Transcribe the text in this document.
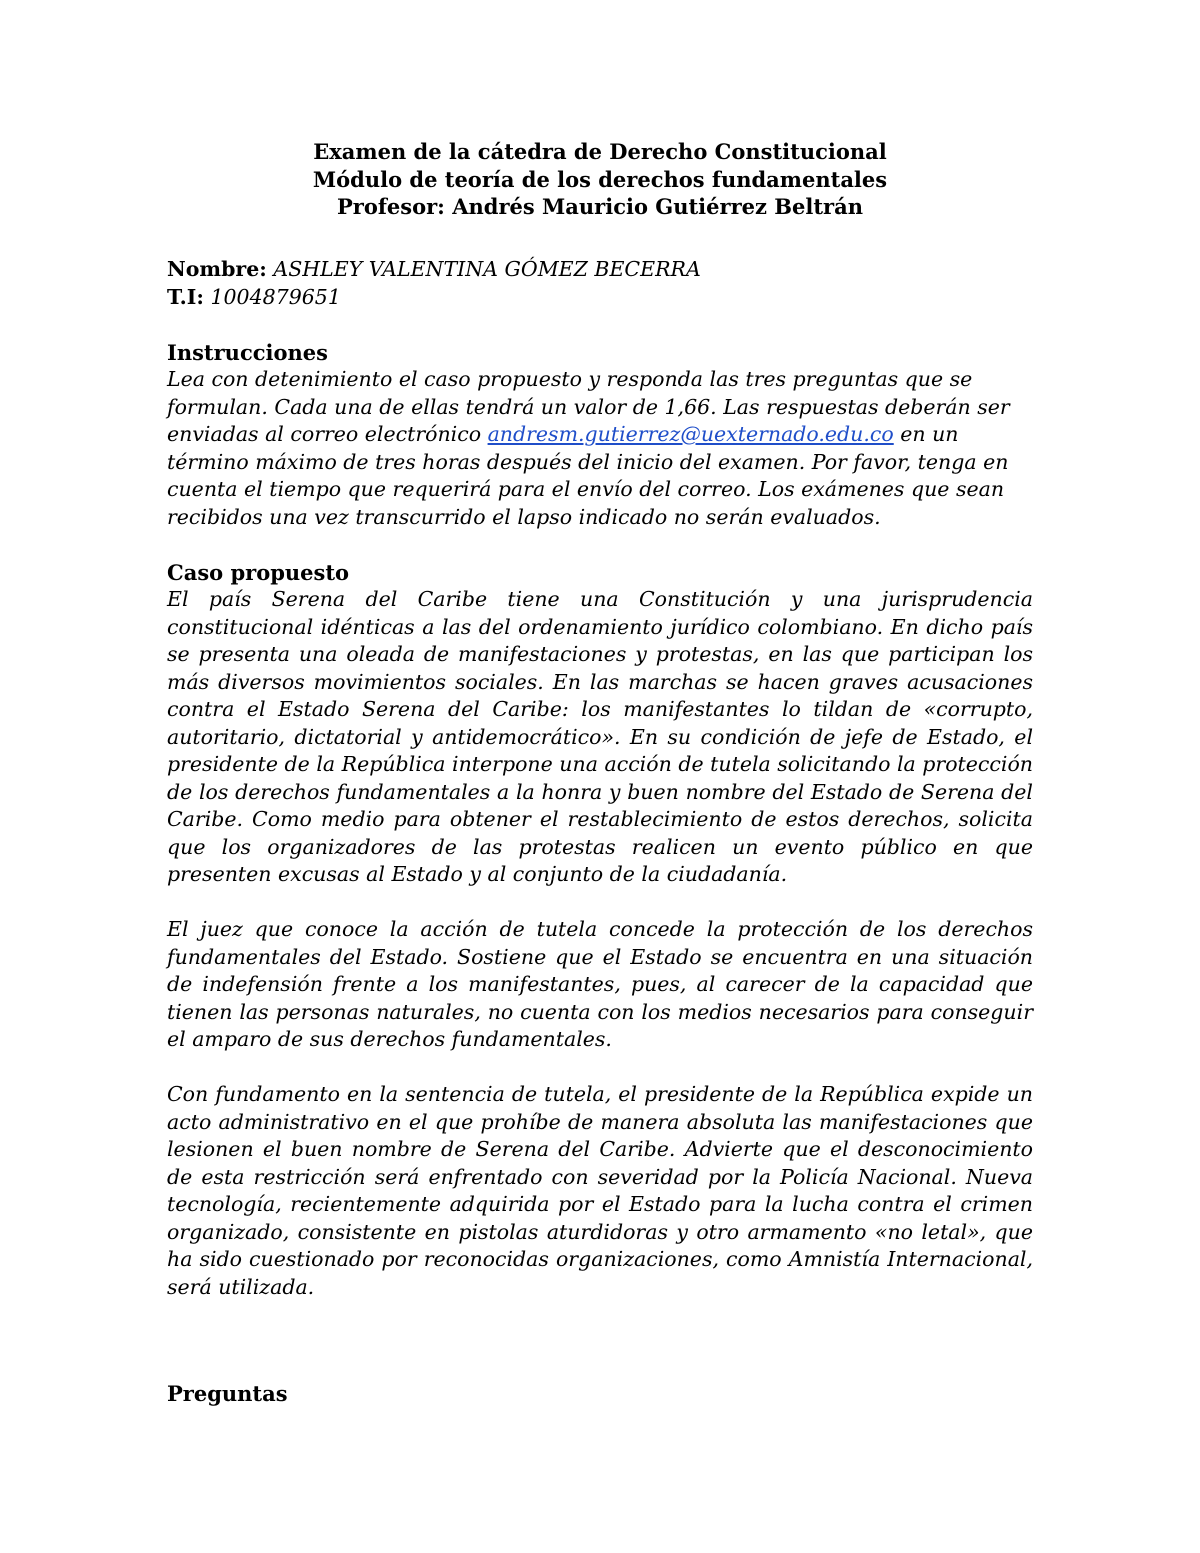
Examen de la cátedra de Derecho Constitucional
Módulo de teoría de los derechos fundamentales
Profesor: Andrés Mauricio Gutiérrez Beltrán
Nombre: ASHLEY VALENTINA GÓMEZ BECERRA
T.I: 1004879651
Instrucciones

Lea con detenimiento el caso propuesto y responda las tres preguntas que se formulan. Cada una de ellas tendrá un valor de 1,66. Las respuestas deberán ser enviadas al correo electrónico andresm.gutierrez@uexternado.edu.co en un término máximo de tres horas después del inicio del examen. Por favor, tenga en cuenta el tiempo que requerirá para el envío del correo. Los exámenes que sean recibidos una vez transcurrido el lapso indicado no serán evaluados.

Caso propuesto

El país Serena del Caribe tiene una Constitución y una jurisprudencia constitucional idénticas a las del ordenamiento jurídico colombiano. En dicho país se presenta una oleada de manifestaciones y protestas, en las que participan los más diversos movimientos sociales. En las marchas se hacen graves acusaciones contra el Estado Serena del Caribe: los manifestantes lo tildan de «corrupto, autoritario, dictatorial y antidemocrático». En su condición de jefe de Estado, el presidente de la República interpone una acción de tutela solicitando la protección de los derechos fundamentales a la honra y buen nombre del Estado de Serena del Caribe. Como medio para obtener el restablecimiento de estos derechos, solicita que los organizadores de las protestas realicen un evento público en que presenten excusas al Estado y al conjunto de la ciudadanía.

El juez que conoce la acción de tutela concede la protección de los derechos fundamentales del Estado. Sostiene que el Estado se encuentra en una situación de indefensión frente a los manifestantes, pues, al carecer de la capacidad que tienen las personas naturales, no cuenta con los medios necesarios para conseguir el amparo de sus derechos fundamentales.

Con fundamento en la sentencia de tutela, el presidente de la República expide un acto administrativo en el que prohíbe de manera absoluta las manifestaciones que lesionen el buen nombre de Serena del Caribe. Advierte que el desconocimiento de esta restricción será enfrentado con severidad por la Policía Nacional. Nueva tecnología, recientemente adquirida por el Estado para la lucha contra el crimen organizado, consistente en pistolas aturdidoras y otro armamento «no letal», que ha sido cuestionado por reconocidas organizaciones, como Amnistía Internacional, será utilizada.

Preguntas
